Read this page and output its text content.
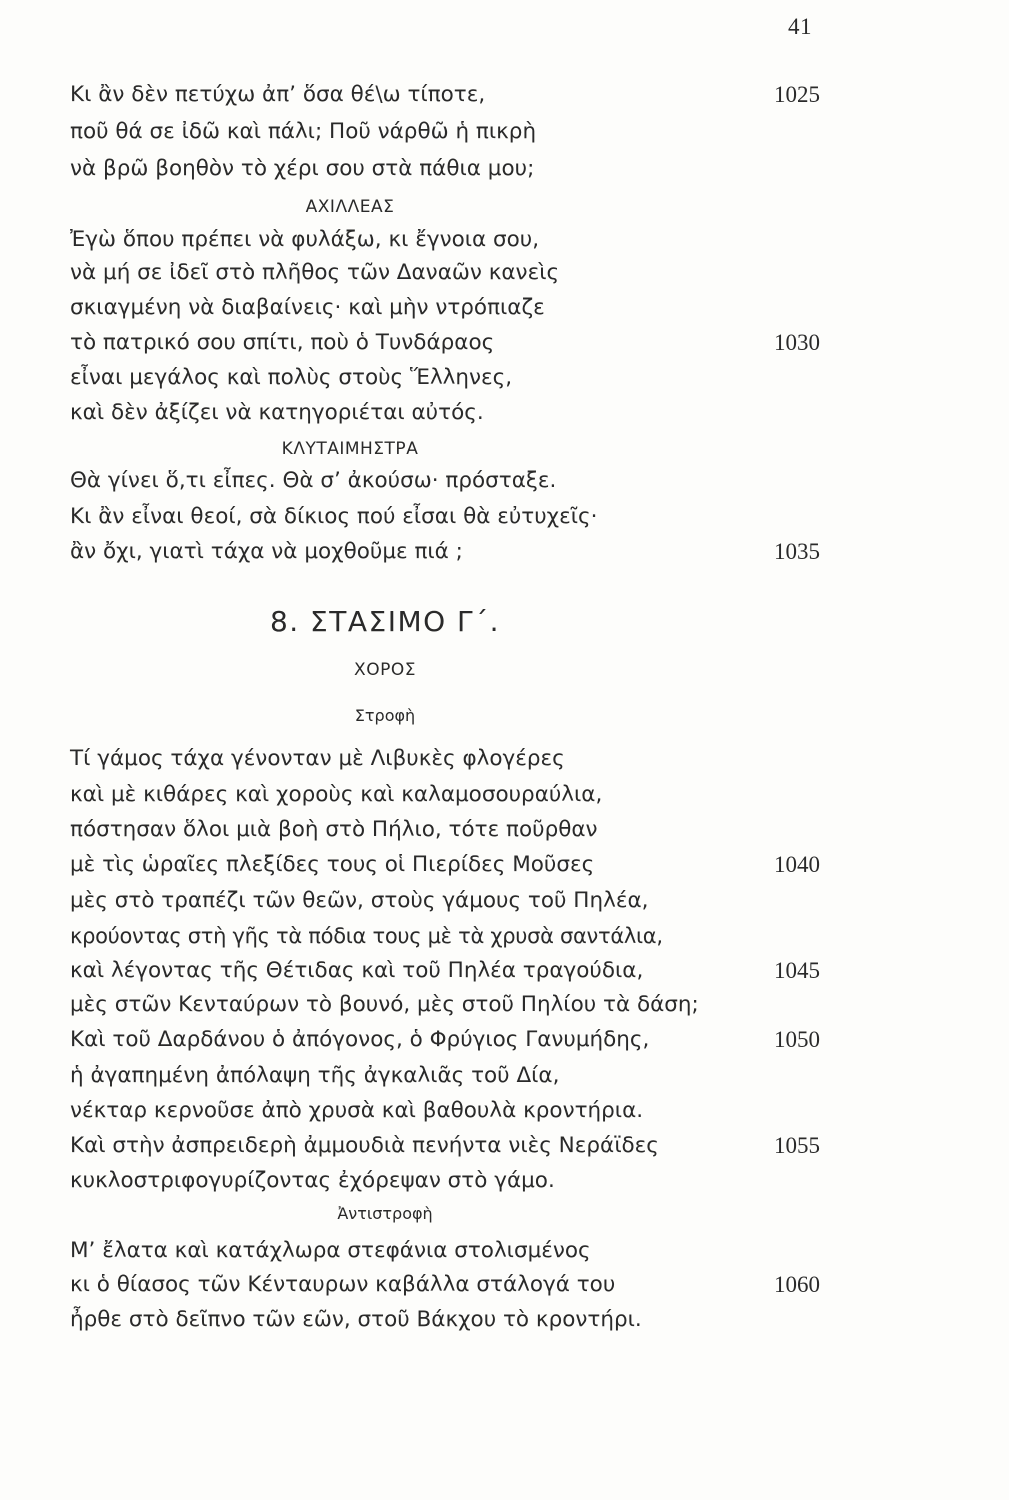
41
Κι ἂν δὲν πετύχω ἀπ’ ὅσα θέ\ω τίποτε,	1025
ποῦ θά σε ἰδῶ καὶ πάλι; Ποῦ νάρθῶ ἡ πικρὴ
νὰ βρῶ βοηθὸν τὸ χέρι σου στὰ πάθια μου;
ΑΧΙΛΛΕΑΣ
Ἐγὼ ὅπου πρέπει νὰ φυλάξω, κι ἔγνοια σου,
νὰ μή σε ἰδεῖ στὸ πλῆθος τῶν Δαναῶν κανεὶς
σκιαγμένη νὰ διαβαίνεις· καὶ μὴν ντρόπιαζε
τὸ πατρικό σου σπίτι, ποὺ ὁ Τυνδάραος	1030
εἶναι μεγάλος καὶ πολὺς στοὺς Ἕλληνες,
καὶ δὲν ἀξίζει νὰ κατηγοριέται αὐτός.
ΚΛΥΤΑΙΜΗΣΤΡΑ
Θὰ γίνει ὅ,τι εἶπες. Θὰ σ’ ἀκούσω· πρόσταξε.
Κι ἂν εἶναι θεοί, σὰ δίκιος πού εἶσαι θὰ εὐτυχεῖς·
ἂν ὄχι, γιατὶ τάχα νὰ μοχθοῦμε πιά ;	1035
8. ΣΤΑΣΙΜΟ Γ΄.
ΧΟΡΟΣ
Στροφὴ
Τί γάμος τάχα γένονταν μὲ Λιβυκὲς φλογέρες
καὶ μὲ κιθάρες καὶ χοροὺς καὶ καλαμοσουραύλια,
πόστησαν ὅλοι μιὰ βοὴ στὸ Πήλιο, τότε ποῦρθαν
μὲ τὶς ὡραῖες πλεξίδες τους οἱ Πιερίδες Μοῦσες	1040
μὲς στὸ τραπέζι τῶν θεῶν, στοὺς γάμους τοῦ Πηλέα,
κρούοντας στὴ γῆς τὰ πόδια τους μὲ τὰ χρυσὰ σαντάλια,
καὶ λέγοντας τῆς Θέτιδας καὶ τοῦ Πηλέα τραγούδια,	1045
μὲς στῶν Κενταύρων τὸ βουνό, μὲς στοῦ Πηλίου τὰ δάση;
Καὶ τοῦ Δαρδάνου ὁ ἀπόγονος, ὁ Φρύγιος Γανυμήδης,	1050
ἡ ἀγαπημένη ἀπόλαψη τῆς ἀγκαλιᾶς τοῦ Δία,
νέκταρ κερνοῦσε ἀπὸ χρυσὰ καὶ βαθουλὰ κροντήρια.
Καὶ στὴν ἀσπρειδερὴ ἀμμουδιὰ πενήντα νιὲς Νεράϊδες	1055
κυκλοστριφογυρίζοντας ἐχόρεψαν στὸ γάμο.
Ἀντιστροφὴ
Μ’ ἔλατα καὶ κατάχλωρα στεφάνια στολισμένος
κι ὁ θίασος τῶν Κένταυρων καβάλλα στάλογά του	1060
ἦρθε στὸ δεῖπνο τῶν εῶν, στοῦ Βάκχου τὸ κροντήρι.
